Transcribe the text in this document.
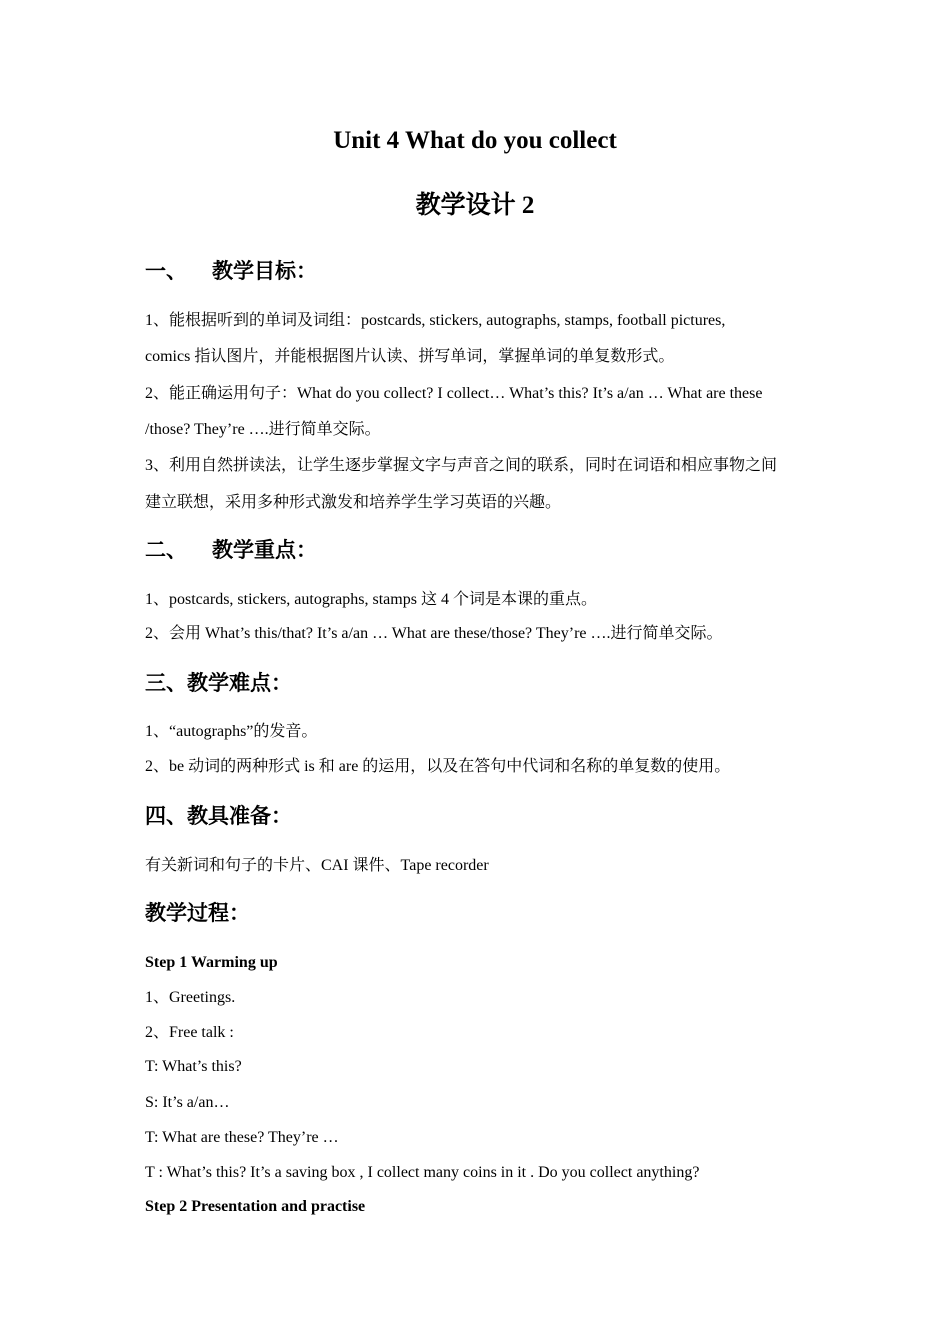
Unit 4 What do you collect
教学设计 2
一、 教学目标：
1、能根据听到的单词及词组：postcards, stickers, autographs, stamps, football pictures,
comics 指认图片，并能根据图片认读、拼写单词，掌握单词的单复数形式。
2、能正确运用句子：What do you collect? I collect… What’s this? It’s a/an … What are these
/those? They’re ….进行简单交际。
3、利用自然拼读法，让学生逐步掌握文字与声音之间的联系，同时在词语和相应事物之间
建立联想，采用多种形式激发和培养学生学习英语的兴趣。
二、 教学重点：
1、postcards, stickers, autographs, stamps 这 4 个词是本课的重点。
2、会用 What’s this/that? It’s a/an … What are these/those? They’re ….进行简单交际。
三、教学难点：
1、“autographs”的发音。
2、be 动词的两种形式 is 和 are 的运用，以及在答句中代词和名称的单复数的使用。
四、教具准备：
有关新词和句子的卡片、CAI 课件、Tape recorder
教学过程：
Step 1 Warming up
1、Greetings.
2、Free talk :
T: What’s this?
S: It’s a/an…
T: What are these? They’re …
T : What’s this? It’s a saving box , I collect many coins in it . Do you collect anything?
Step 2 Presentation and practise
